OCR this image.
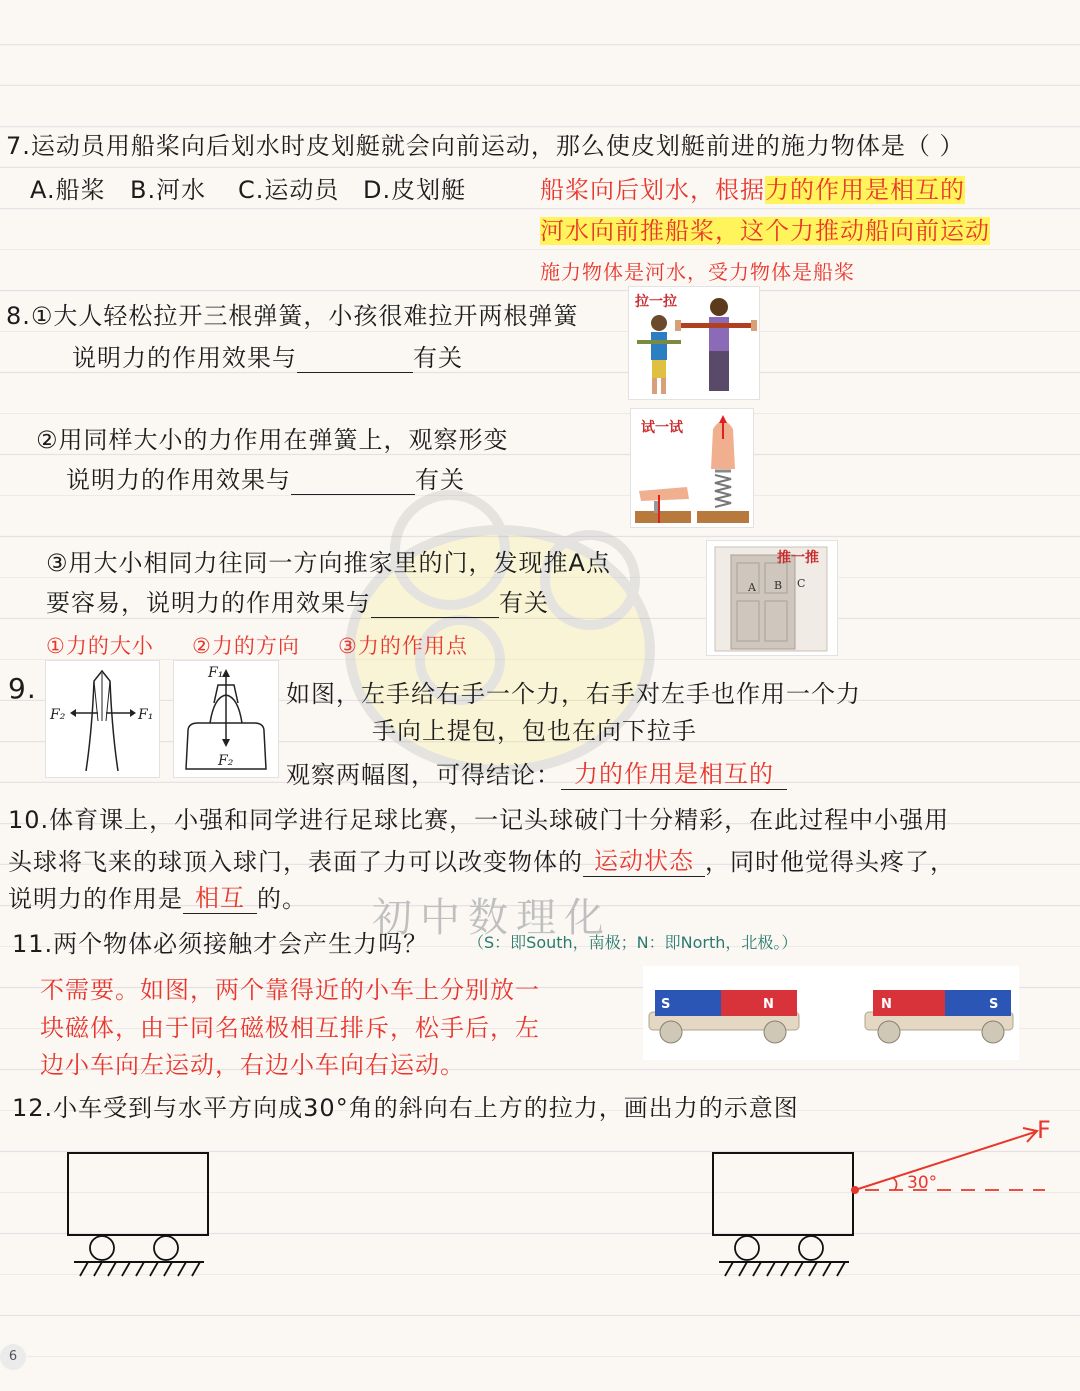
初中数理化
7.运动员用船桨向后划水时皮划艇就会向前运动，那么使皮划艇前进的施力物体是（ ）
A.船桨 B.河水 C.运动员 D.皮划艇	船桨向后划水，根据力的作用是相互的
河水向前推船桨，这个力推动船向前运动
施力物体是河水，受力物体是船桨
8.①大人轻松拉开三根弹簧，小孩很难拉开两根弹簧
说明力的作用效果与	有关
拉一拉
②用同样大小的力作用在弹簧上，观察形变
说明力的作用效果与	有关
试一试
③用大小相同力往同一方向推家里的门，发现推A点
要容易，说明力的作用效果与	有关
A B C
推一推
①力的大小 ②力的方向 ③力的作用点
9.
F₂	F₁
F₁
F₂
如图，左手给右手一个力，右手对左手也作用一个力
手向上提包，包也在向下拉手
观察两幅图，可得结论： 力的作用是相互的
10.体育课上，小强和同学进行足球比赛，一记头球破门十分精彩，在此过程中小强用
头球将飞来的球顶入球门，表面了力可以改变物体的 运动状态 ，同时他觉得头疼了，
说明力的作用是 相互 的。
11.两个物体必须接触才会产生力吗？ （S：即South，南极；N：即North，北极。）
不需要。如图，两个靠得近的小车上分别放一
块磁体，由于同名磁极相互排斥，松手后，左
边小车向左运动，右边小车向右运动。
S	N	N	S
12.小车受到与水平方向成30°角的斜向右上方的拉力，画出力的示意图
30°
F
6
